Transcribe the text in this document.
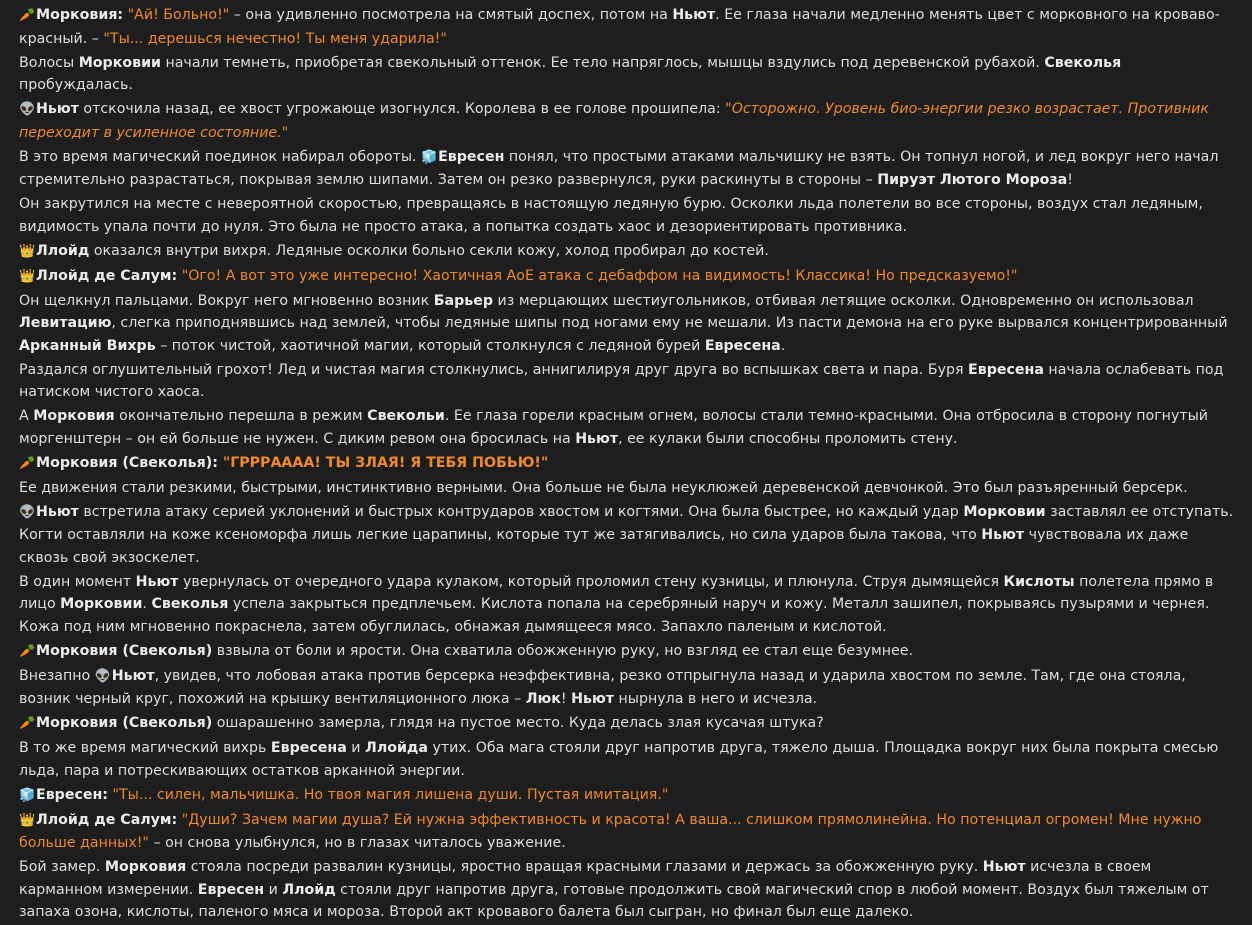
🥕Морковия: "Ай! Больно!" – она удивленно посмотрела на смятый доспех, потом на Ньют. Ее глаза начали медленно менять цвет с морковного на кроваво-красный. – "Ты... дерешься нечестно! Ты меня ударила!"
Волосы Морковии начали темнеть, приобретая свекольный оттенок. Ее тело напряглось, мышцы вздулись под деревенской рубахой. Свеколья пробуждалась.
👽Ньют отскочила назад, ее хвост угрожающе изогнулся. Королева в ее голове прошипела: "Осторожно. Уровень био-энергии резко возрастает. Противник переходит в усиленное состояние."
В это время магический поединок набирал обороты. 🧊Евресен понял, что простыми атаками мальчишку не взять. Он топнул ногой, и лед вокруг него начал стремительно разрастаться, покрывая землю шипами. Затем он резко развернулся, руки раскинуты в стороны – Пируэт Лютого Мороза!
Он закрутился на месте с невероятной скоростью, превращаясь в настоящую ледяную бурю. Осколки льда полетели во все стороны, воздух стал ледяным, видимость упала почти до нуля. Это была не просто атака, а попытка создать хаос и дезориентировать противника.
👑Ллойд оказался внутри вихря. Ледяные осколки больно секли кожу, холод пробирал до костей.
👑Ллойд де Салум: "Ого! А вот это уже интересно! Хаотичная АоЕ атака с дебаффом на видимость! Классика! Но предсказуемо!"
Он щелкнул пальцами. Вокруг него мгновенно возник Барьер из мерцающих шестиугольников, отбивая летящие осколки. Одновременно он использовал Левитацию, слегка приподнявшись над землей, чтобы ледяные шипы под ногами ему не мешали. Из пасти демона на его руке вырвался концентрированный Арканный Вихрь – поток чистой, хаотичной магии, который столкнулся с ледяной бурей Евресена.
Раздался оглушительный грохот! Лед и чистая магия столкнулись, аннигилируя друг друга во вспышках света и пара. Буря Евресена начала ослабевать под натиском чистого хаоса.
А Морковия окончательно перешла в режим Свекольи. Ее глаза горели красным огнем, волосы стали темно-красными. Она отбросила в сторону погнутый моргенштерн – он ей больше не нужен. С диким ревом она бросилась на Ньют, ее кулаки были способны проломить стену.
🥕Морковия (Свеколья): "ГРРРАААА! ТЫ ЗЛАЯ! Я ТЕБЯ ПОБЬЮ!"
Ее движения стали резкими, быстрыми, инстинктивно верными. Она больше не была неуклюжей деревенской девчонкой. Это был разъяренный берсерк.
👽Ньют встретила атаку серией уклонений и быстрых контрударов хвостом и когтями. Она была быстрее, но каждый удар Морковии заставлял ее отступать. Когти оставляли на коже ксеноморфа лишь легкие царапины, которые тут же затягивались, но сила ударов была такова, что Ньют чувствовала их даже сквозь свой экзоскелет.
В один момент Ньют увернулась от очередного удара кулаком, который проломил стену кузницы, и плюнула. Струя дымящейся Кислоты полетела прямо в лицо Морковии. Свеколья успела закрыться предплечьем. Кислота попала на серебряный наруч и кожу. Металл зашипел, покрываясь пузырями и чернея. Кожа под ним мгновенно покраснела, затем обуглилась, обнажая дымящееся мясо. Запахло паленым и кислотой.
🥕Морковия (Свеколья) взвыла от боли и ярости. Она схватила обожженную руку, но взгляд ее стал еще безумнее.
Внезапно 👽Ньют, увидев, что лобовая атака против берсерка неэффективна, резко отпрыгнула назад и ударила хвостом по земле. Там, где она стояла, возник черный круг, похожий на крышку вентиляционного люка – Люк! Ньют нырнула в него и исчезла.
🥕Морковия (Свеколья) ошарашенно замерла, глядя на пустое место. Куда делась злая кусачая штука?
В то же время магический вихрь Евресена и Ллойда утих. Оба мага стояли друг напротив друга, тяжело дыша. Площадка вокруг них была покрыта смесью льда, пара и потрескивающих остатков арканной энергии.
🧊Евресен: "Ты... силен, мальчишка. Но твоя магия лишена души. Пустая имитация."
👑Ллойд де Салум: "Души? Зачем магии душа? Ей нужна эффективность и красота! А ваша... слишком прямолинейна. Но потенциал огромен! Мне нужно больше данных!" – он снова улыбнулся, но в глазах читалось уважение.
Бой замер. Морковия стояла посреди развалин кузницы, яростно вращая красными глазами и держась за обожженную руку. Ньют исчезла в своем карманном измерении. Евресен и Ллойд стояли друг напротив друга, готовые продолжить свой магический спор в любой момент. Воздух был тяжелым от запаха озона, кислоты, паленого мяса и мороза. Второй акт кровавого балета был сыгран, но финал был еще далеко.
